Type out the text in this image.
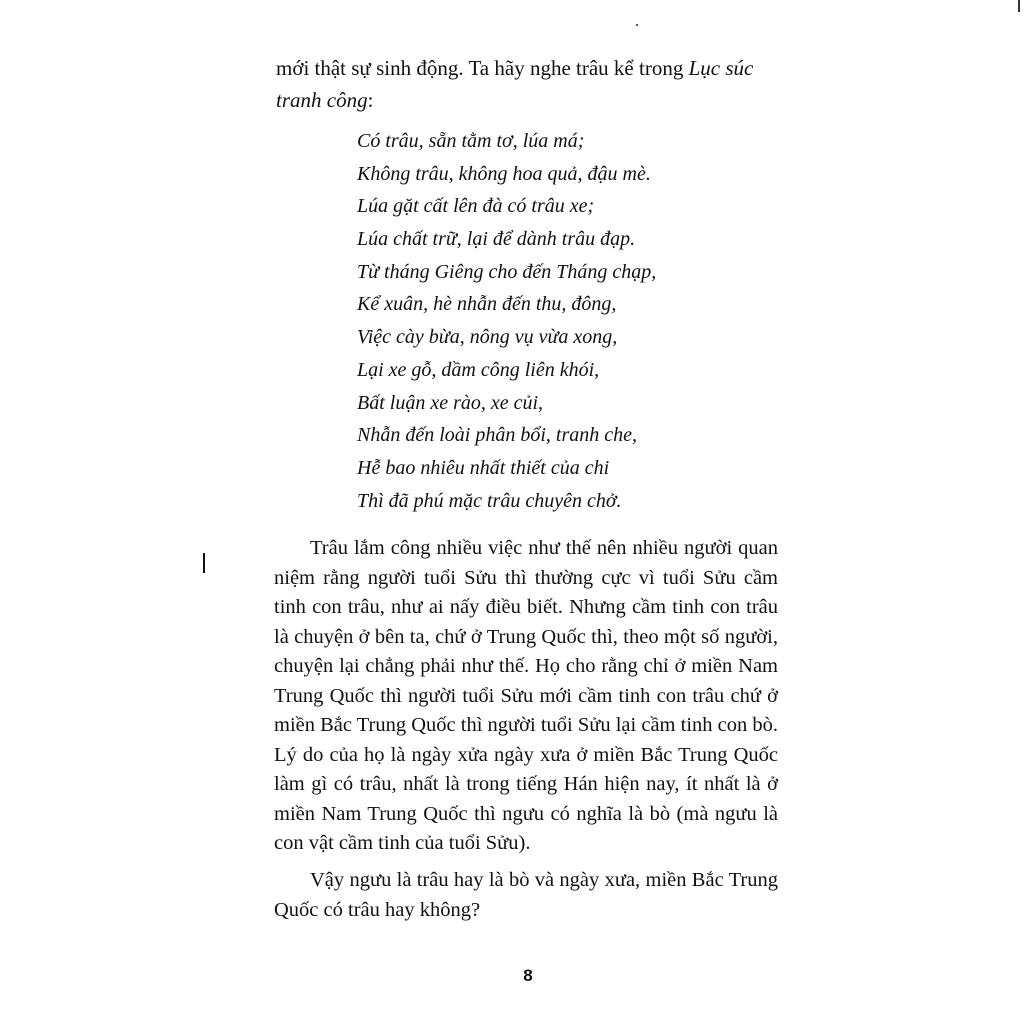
mới thật sự sinh động. Ta hãy nghe trâu kể trong Lục súc
tranh công:

Có trâu, sẵn tằm tơ, lúa má;
Không trâu, không hoa quả, đậu mè.
Lúa gặt cất lên đà có trâu xe;
Lúa chất trữ, lại để dành trâu đạp.
Từ tháng Giêng cho đến Tháng chạp,
Kể xuân, hè nhẫn đến thu, đông,
Việc cày bừa, nông vụ vừa xong,
Lại xe gỗ, dầm công liên khói,
Bất luận xe rào, xe củi,
Nhẫn đến loài phân bổi, tranh che,
Hễ bao nhiêu nhất thiết của chi
Thì đã phú mặc trâu chuyên chở.

Trâu lắm công nhiều việc như thế nên nhiều người quan
niệm rằng người tuổi Sửu thì thường cực vì tuổi Sửu cầm
tinh con trâu, như ai nấy điều biết. Nhưng cầm tinh con trâu
là chuyện ở bên ta, chứ ở Trung Quốc thì, theo một số người,
chuyện lại chẳng phải như thế. Họ cho rằng chỉ ở miền Nam
Trung Quốc thì người tuổi Sửu mới cầm tinh con trâu chứ ở
miền Bắc Trung Quốc thì người tuổi Sửu lại cầm tinh con bò.
Lý do của họ là ngày xửa ngày xưa ở miền Bắc Trung Quốc
làm gì có trâu, nhất là trong tiếng Hán hiện nay, ít nhất là ở
miền Nam Trung Quốc thì ngưu có nghĩa là bò (mà ngưu là
con vật cầm tinh của tuổi Sửu).

Vậy ngưu là trâu hay là bò và ngày xưa, miền Bắc Trung
Quốc có trâu hay không?

8
